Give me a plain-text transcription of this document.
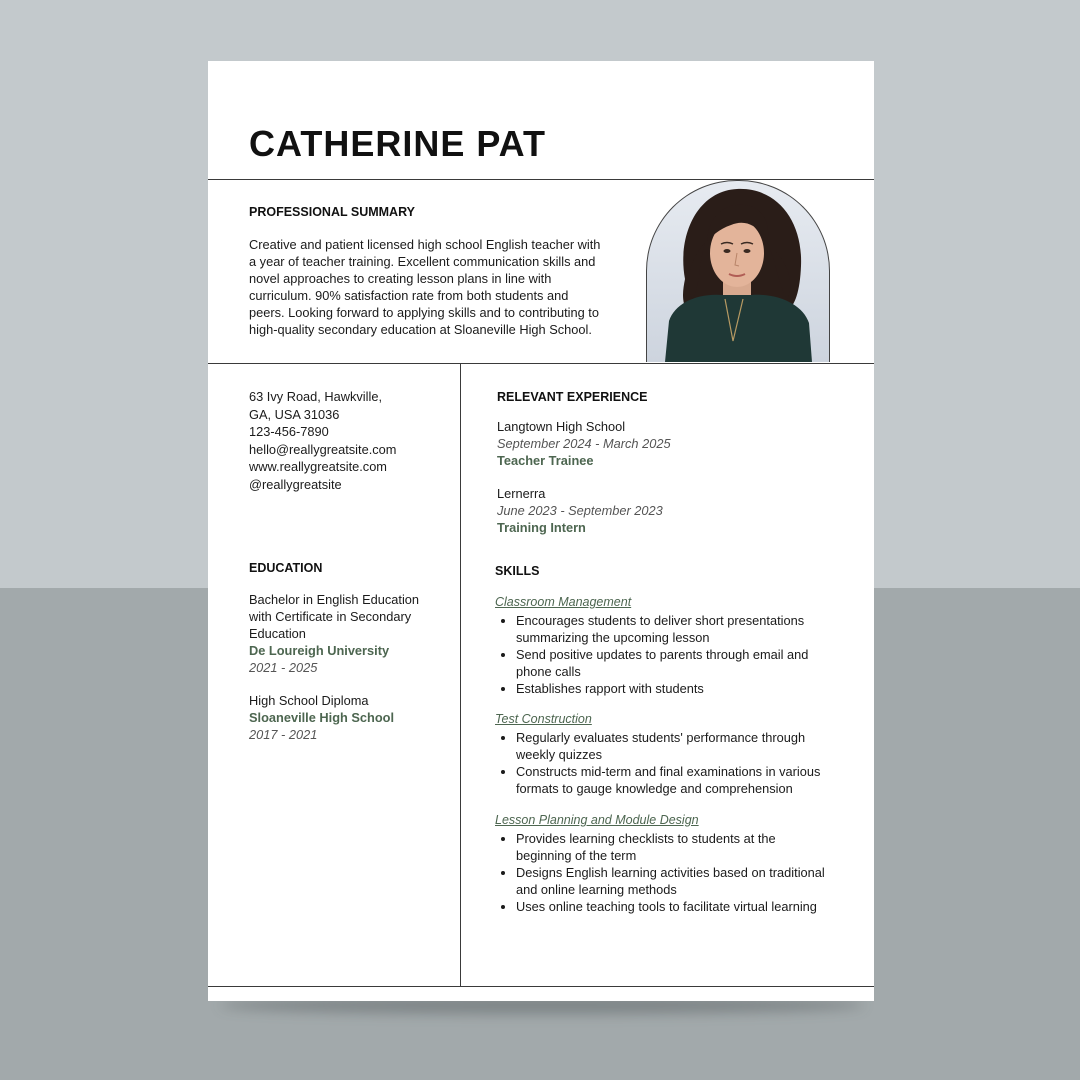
CATHERINE PAT
PROFESSIONAL SUMMARY

Creative and patient licensed high school English teacher with
a year of teacher training. Excellent communication skills and
novel approaches to creating lesson plans in line with
curriculum. 90% satisfaction rate from both students and
peers. Looking forward to applying skills and to contributing to
high-quality secondary education at Sloaneville High School.

63 Ivy Road, Hawkville,
GA, USA 31036
123-456-7890
hello@reallygreatsite.com
www.reallygreatsite.com
@reallygreatsite

EDUCATION

Bachelor in English Education
with Certificate in Secondary
Education
De Loureigh University
2021 - 2025

High School Diploma
Sloaneville High School
2017 - 2021

RELEVANT EXPERIENCE

Langtown High School
September 2024 - March 2025
Teacher Trainee

Lernerra
June 2023 - September 2023
Training Intern

SKILLS

Classroom Management

• Encourages students to deliver short presentations
summarizing the upcoming lesson
• Send positive updates to parents through email and
phone calls
• Establishes rapport with students

Test Construction

• Regularly evaluates students' performance through
weekly quizzes
• Constructs mid-term and final examinations in various
formats to gauge knowledge and comprehension

Lesson Planning and Module Design

• Provides learning checklists to students at the
beginning of the term
• Designs English learning activities based on traditional
and online learning methods
• Uses online teaching tools to facilitate virtual learning
